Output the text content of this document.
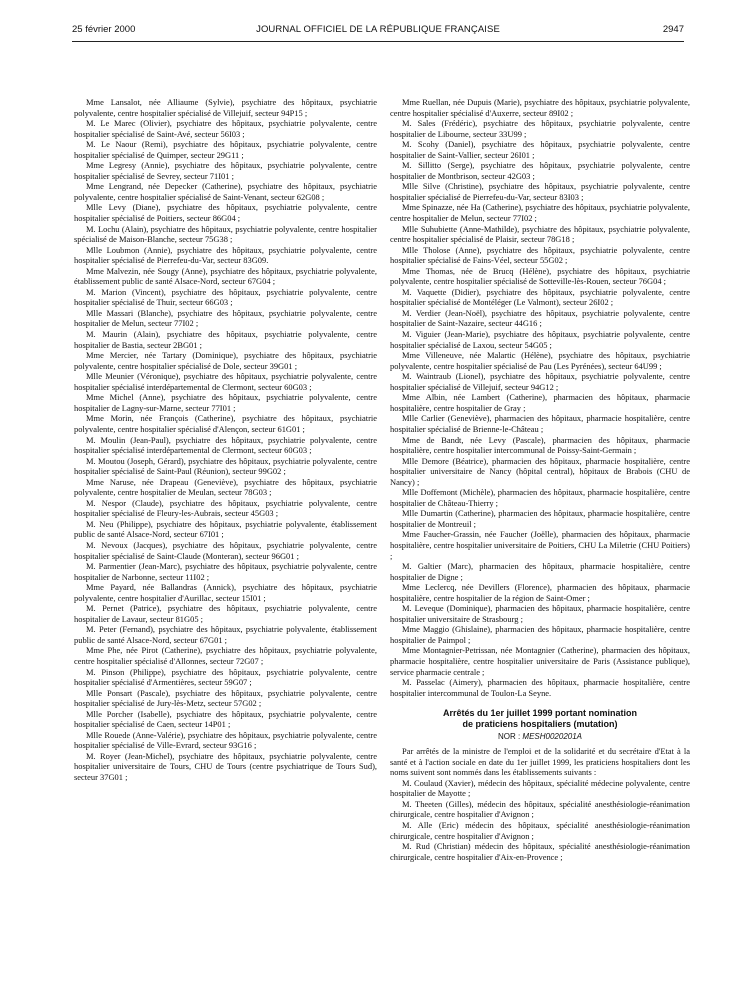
25 février 2000	JOURNAL OFFICIEL DE LA RÉPUBLIQUE FRANÇAISE	2947

Mme Lansalot, née Alliaume (Sylvie), psychiatre des hôpitaux, psychiatrie polyvalente, centre hospitalier spécialisé de Villejuif, secteur 94P15 ;

M. Le Marec (Olivier), psychiatre des hôpitaux, psychiatrie polyvalente, centre hospitalier spécialisé de Saint-Avé, secteur 56I03 ;

M. Le Naour (Remi), psychiatre des hôpitaux, psychiatrie polyvalente, centre hospitalier spécialisé de Quimper, secteur 29G11 ;

Mme Legresy (Annie), psychiatre des hôpitaux, psychiatrie polyvalente, centre hospitalier spécialisé de Sevrey, secteur 71I01 ;

Mme Lengrand, née Depecker (Catherine), psychiatre des hôpitaux, psychiatrie polyvalente, centre hospitalier spécialisé de Saint-Venant, secteur 62G08 ;

Mlle Levy (Diane), psychiatre des hôpitaux, psychiatrie polyvalente, centre hospitalier spécialisé de Poitiers, secteur 86G04 ;

M. Lochu (Alain), psychiatre des hôpitaux, psychiatrie polyvalente, centre hospitalier spécialisé de Maison-Blanche, secteur 75G38 ;

Mlle Loubmon (Annie), psychiatre des hôpitaux, psychiatrie polyvalente, centre hospitalier spécialisé de Pierrefeu-du-Var, secteur 83G09.

Mme Malvezin, née Sougy (Anne), psychiatre des hôpitaux, psychiatrie polyvalente, établissement public de santé Alsace-Nord, secteur 67G04 ;

M. Marion (Vincent), psychiatre des hôpitaux, psychiatrie polyvalente, centre hospitalier spécialisé de Thuir, secteur 66G03 ;

Mlle Massari (Blanche), psychiatre des hôpitaux, psychiatrie polyvalente, centre hospitalier de Melun, secteur 77I02 ;

M. Maurin (Alain), psychiatre des hôpitaux, psychiatrie polyvalente, centre hospitalier de Bastia, secteur 2BG01 ;

Mme Mercier, née Tartary (Dominique), psychiatre des hôpitaux, psychiatrie polyvalente, centre hospitalier spécialisé de Dole, secteur 39G01 ;

Mlle Meunier (Véronique), psychiatre des hôpitaux, psychiatrie polyvalente, centre hospitalier spécialisé interdépartemental de Clermont, secteur 60G03 ;

Mme Michel (Anne), psychiatre des hôpitaux, psychiatrie polyvalente, centre hospitalier de Lagny-sur-Marne, secteur 77I01 ;

Mme Morin, née François (Catherine), psychiatre des hôpitaux, psychiatrie polyvalente, centre hospitalier spécialisé d'Alençon, secteur 61G01 ;

M. Moulin (Jean-Paul), psychiatre des hôpitaux, psychiatrie polyvalente, centre hospitalier spécialisé interdépartemental de Clermont, secteur 60G03 ;

M. Moutou (Joseph, Gérard), psychiatre des hôpitaux, psychiatrie polyvalente, centre hospitalier spécialisé de Saint-Paul (Réunion), secteur 99G02 ;

Mme Naruse, née Drapeau (Geneviève), psychiatre des hôpitaux, psychiatrie polyvalente, centre hospitalier de Meulan, secteur 78G03 ;

M. Nespor (Claude), psychiatre des hôpitaux, psychiatrie polyvalente, centre hospitalier spécialisé de Fleury-les-Aubrais, secteur 45G03 ;

M. Neu (Philippe), psychiatre des hôpitaux, psychiatrie polyvalente, établissement public de santé Alsace-Nord, secteur 67I01 ;

M. Nevoux (Jacques), psychiatre des hôpitaux, psychiatrie polyvalente, centre hospitalier spécialisé de Saint-Claude (Monteran), secteur 96G01 ;

M. Parmentier (Jean-Marc), psychiatre des hôpitaux, psychiatrie polyvalente, centre hospitalier de Narbonne, secteur 11I02 ;

Mme Payard, née Ballandras (Annick), psychiatre des hôpitaux, psychiatrie polyvalente, centre hospitalier d'Aurillac, secteur 15I01 ;

M. Pernet (Patrice), psychiatre des hôpitaux, psychiatrie polyvalente, centre hospitalier de Lavaur, secteur 81G05 ;

M. Peter (Fernand), psychiatre des hôpitaux, psychiatrie polyvalente, établissement public de santé Alsace-Nord, secteur 67G01 ;

Mme Phe, née Pirot (Catherine), psychiatre des hôpitaux, psychiatrie polyvalente, centre hospitalier spécialisé d'Allonnes, secteur 72G07 ;

M. Pinson (Philippe), psychiatre des hôpitaux, psychiatrie polyvalente, centre hospitalier spécialisé d'Armentières, secteur 59G07 ;

Mlle Ponsart (Pascale), psychiatre des hôpitaux, psychiatrie polyvalente, centre hospitalier spécialisé de Jury-lès-Metz, secteur 57G02 ;

Mlle Porcher (Isabelle), psychiatre des hôpitaux, psychiatrie polyvalente, centre hospitalier spécialisé de Caen, secteur 14P01 ;

Mlle Rouede (Anne-Valérie), psychiatre des hôpitaux, psychiatrie polyvalente, centre hospitalier spécialisé de Ville-Evrard, secteur 93G16 ;

M. Royer (Jean-Michel), psychiatre des hôpitaux, psychiatrie polyvalente, centre hospitalier universitaire de Tours, CHU de Tours (centre psychiatrique de Tours Sud), secteur 37G01 ;

Mme Ruellan, née Dupuis (Marie), psychiatre des hôpitaux, psychiatrie polyvalente, centre hospitalier spécialisé d'Auxerre, secteur 89I02 ;

M. Sales (Frédéric), psychiatre des hôpitaux, psychiatrie polyvalente, centre hospitalier de Libourne, secteur 33U99 ;

M. Scohy (Daniel), psychiatre des hôpitaux, psychiatrie polyvalente, centre hospitalier de Saint-Vallier, secteur 26I01 ;

M. Sillitto (Serge), psychiatre des hôpitaux, psychiatrie polyvalente, centre hospitalier de Montbrison, secteur 42G03 ;

Mlle Silve (Christine), psychiatre des hôpitaux, psychiatrie polyvalente, centre hospitalier spécialisé de Pierrefeu-du-Var, secteur 83I03 ;

Mme Spinazze, née Ha (Catherine), psychiatre des hôpitaux, psychiatrie polyvalente, centre hospitalier de Melun, secteur 77I02 ;

Mlle Suhubiette (Anne-Mathilde), psychiatre des hôpitaux, psychiatrie polyvalente, centre hospitalier spécialisé de Plaisir, secteur 78G18 ;

Mlle Tholose (Anne), psychiatre des hôpitaux, psychiatrie polyvalente, centre hospitalier spécialisé de Fains-Véel, secteur 55G02 ;

Mme Thomas, née de Brucq (Hélène), psychiatre des hôpitaux, psychiatrie polyvalente, centre hospitalier spécialisé de Sotteville-lès-Rouen, secteur 76G04 ;

M. Vaquette (Didier), psychiatre des hôpitaux, psychiatrie polyvalente, centre hospitalier spécialisé de Montéléger (Le Valmont), secteur 26I02 ;

M. Verdier (Jean-Noël), psychiatre des hôpitaux, psychiatrie polyvalente, centre hospitalier de Saint-Nazaire, secteur 44G16 ;

M. Viguier (Jean-Marie), psychiatre des hôpitaux, psychiatrie polyvalente, centre hospitalier spécialisé de Laxou, secteur 54G05 ;

Mme Villeneuve, née Malartic (Hélène), psychiatre des hôpitaux, psychiatrie polyvalente, centre hospitalier spécialisé de Pau (Les Pyrénées), secteur 64U99 ;

M. Waintraub (Lionel), psychiatre des hôpitaux, psychiatrie polyvalente, centre hospitalier spécialisé de Villejuif, secteur 94G12 ;

Mme Albin, née Lambert (Catherine), pharmacien des hôpitaux, pharmacie hospitalière, centre hospitalier de Gray ;

Mlle Carlier (Geneviève), pharmacien des hôpitaux, pharmacie hospitalière, centre hospitalier spécialisé de Brienne-le-Château ;

Mme de Bandt, née Levy (Pascale), pharmacien des hôpitaux, pharmacie hospitalière, centre hospitalier intercommunal de Poissy-Saint-Germain ;

Mlle Demore (Béatrice), pharmacien des hôpitaux, pharmacie hospitalière, centre hospitalier universitaire de Nancy (hôpital central), hôpitaux de Brabois (CHU de Nancy) ;

Mlle Doffemont (Michèle), pharmacien des hôpitaux, pharmacie hospitalière, centre hospitalier de Château-Thierry ;

Mlle Dumartin (Catherine), pharmacien des hôpitaux, pharmacie hospitalière, centre hospitalier de Montreuil ;

Mme Faucher-Grassin, née Faucher (Joëlle), pharmacien des hôpitaux, pharmacie hospitalière, centre hospitalier universitaire de Poitiers, CHU La Miletrie (CHU Poitiers) ;

M. Galtier (Marc), pharmacien des hôpitaux, pharmacie hospitalière, centre hospitalier de Digne ;

Mme Leclercq, née Devillers (Florence), pharmacien des hôpitaux, pharmacie hospitalière, centre hospitalier de la région de Saint-Omer ;

M. Leveque (Dominique), pharmacien des hôpitaux, pharmacie hospitalière, centre hospitalier universitaire de Strasbourg ;

Mme Maggio (Ghislaine), pharmacien des hôpitaux, pharmacie hospitalière, centre hospitalier de Paimpol ;

Mme Montagnier-Petrissan, née Montagnier (Catherine), pharmacien des hôpitaux, pharmacie hospitalière, centre hospitalier universitaire de Paris (Assistance publique), service pharmacie centrale ;

M. Passelac (Aimery), pharmacien des hôpitaux, pharmacie hospitalière, centre hospitalier intercommunal de Toulon-La Seyne.

Arrêtés du 1er juillet 1999 portant nomination
de praticiens hospitaliers (mutation)
NOR : MESH0020201A

Par arrêtés de la ministre de l'emploi et de la solidarité et du secrétaire d'Etat à la santé et à l'action sociale en date du 1er juillet 1999, les praticiens hospitaliers dont les noms suivent sont nommés dans les établissements suivants :

M. Coulaud (Xavier), médecin des hôpitaux, spécialité médecine polyvalente, centre hospitalier de Mayotte ;

M. Theeten (Gilles), médecin des hôpitaux, spécialité anesthésiologie-réanimation chirurgicale, centre hospitalier d'Avignon ;

M. Alle (Eric) médecin des hôpitaux, spécialité anesthésiologie-réanimation chirurgicale, centre hospitalier d'Avignon ;

M. Rud (Christian) médecin des hôpitaux, spécialité anesthésiologie-réanimation chirurgicale, centre hospitalier d'Aix-en-Provence ;
